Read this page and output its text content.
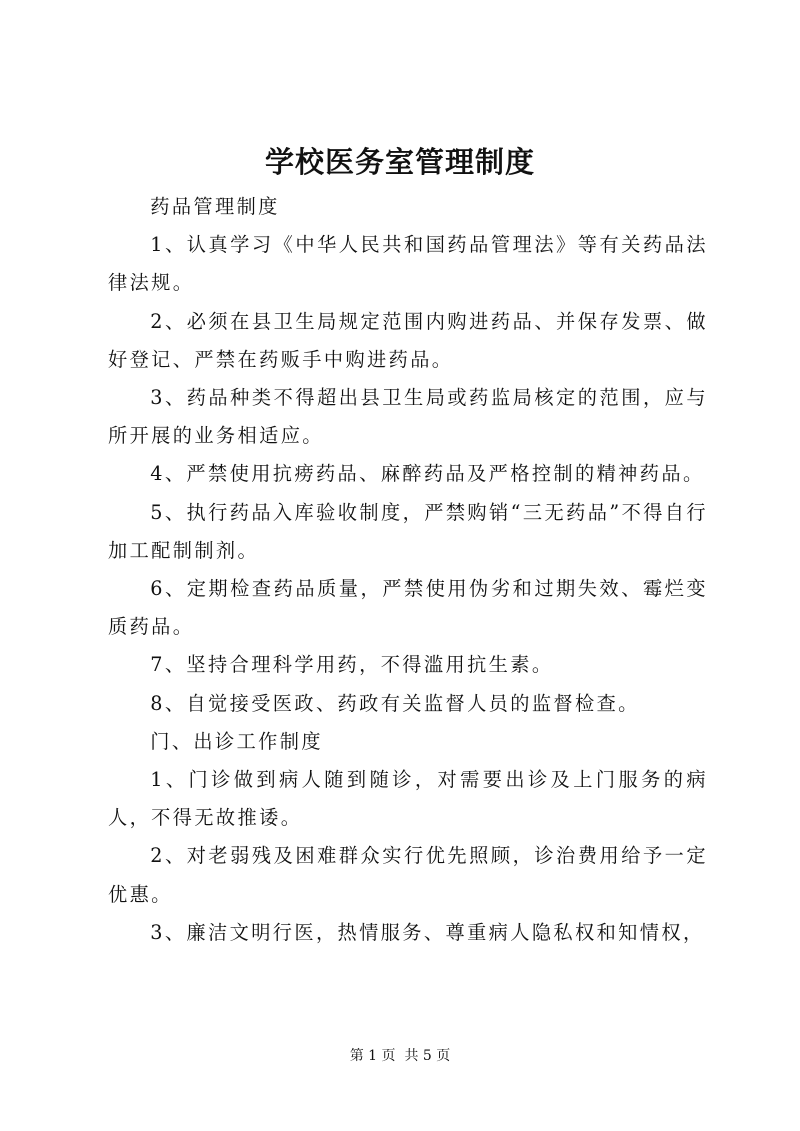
学校医务室管理制度

药品管理制度

1、认真学习《中华人民共和国药品管理法》等有关药品法律法规。

2、必须在县卫生局规定范围内购进药品、并保存发票、做好登记、严禁在药贩手中购进药品。

3、药品种类不得超出县卫生局或药监局核定的范围，应与所开展的业务相适应。

4、严禁使用抗痨药品、麻醉药品及严格控制的精神药品。

5、执行药品入库验收制度，严禁购销“三无药品”不得自行加工配制制剂。

6、定期检查药品质量，严禁使用伪劣和过期失效、霉烂变质药品。

7、坚持合理科学用药，不得滥用抗生素。

8、自觉接受医政、药政有关监督人员的监督检查。

门、出诊工作制度

1、门诊做到病人随到随诊，对需要出诊及上门服务的病人，不得无故推诿。

2、对老弱残及困难群众实行优先照顾，诊治费用给予一定优惠。

3、廉洁文明行医，热情服务、尊重病人隐私权和知情权，

第 1 页 共 5 页
